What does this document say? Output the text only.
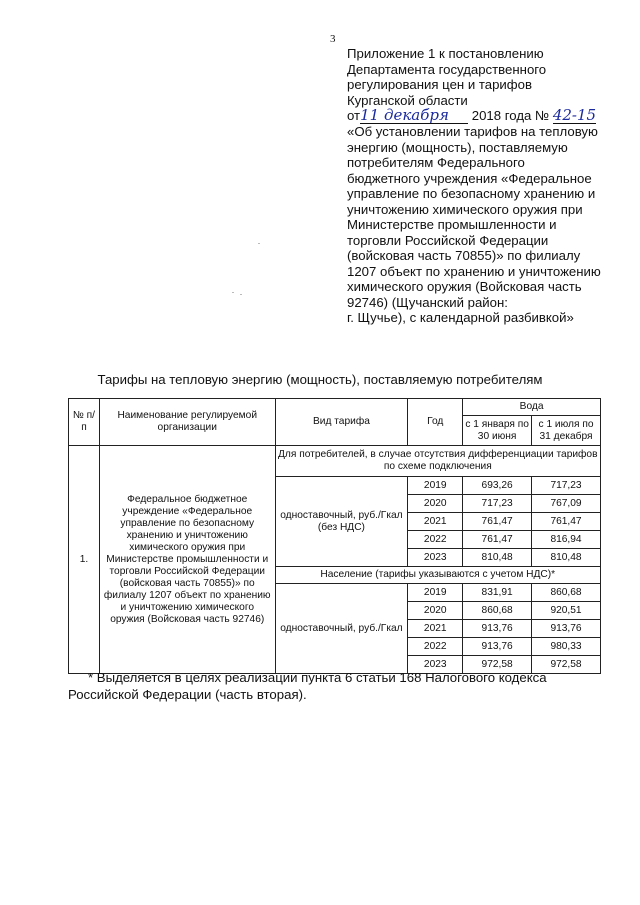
3

Приложение 1 к постановлению

Департамента государственного

регулирования цен и тарифов

Курганской области

от11 декабря 2018 года № 42-15

«Об установлении тарифов на тепловую

энергию (мощность), поставляемую

потребителям Федерального

бюджетного учреждения «Федеральное

управление по безопасному хранению и

уничтожению химического оружия при

Министерстве промышленности и

торговли Российской Федерации

(войсковая часть 70855)» по филиалу

1207 объект по хранению и уничтожению

химического оружия (Войсковая часть

92746) (Щучанский район:

г. Щучье), с календарной разбивкой»

Тарифы на тепловую энергию (мощность), поставляемую потребителям
№ п/п	Наименование регулируемой организации	Вид тарифа	Год	Вода	
				с 1 января по 30 июня	с 1 июля по 31 декабря
1.	Федеральное бюджетное учреждение «Федеральное управление по безопасному хранению и уничтожению химического оружия при Министерстве промышленности и торговли Российской Федерации (войсковая часть 70855)» по филиалу 1207 объект по хранению и уничтожению химического оружия (Войсковая часть 92746)	Для потребителей, в случае отсутствия дифференциации тарифов по схеме подключения			
		одноставочный, руб./Гкал (без НДС)	2019	693,26	717,23
			2020	717,23	767,09
			2021	761,47	761,47
			2022	761,47	816,94
			2023	810,48	810,48
		Население (тарифы указываются с учетом НДС)*			
		одноставочный, руб./Гкал	2019	831,91	860,68
			2020	860,68	920,51
			2021	913,76	913,76
			2022	913,76	980,33
			2023	972,58	972,58

* Выделяется в целях реализации пункта 6 статьи 168 Налогового кодекса

Российской Федерации (часть вторая).
